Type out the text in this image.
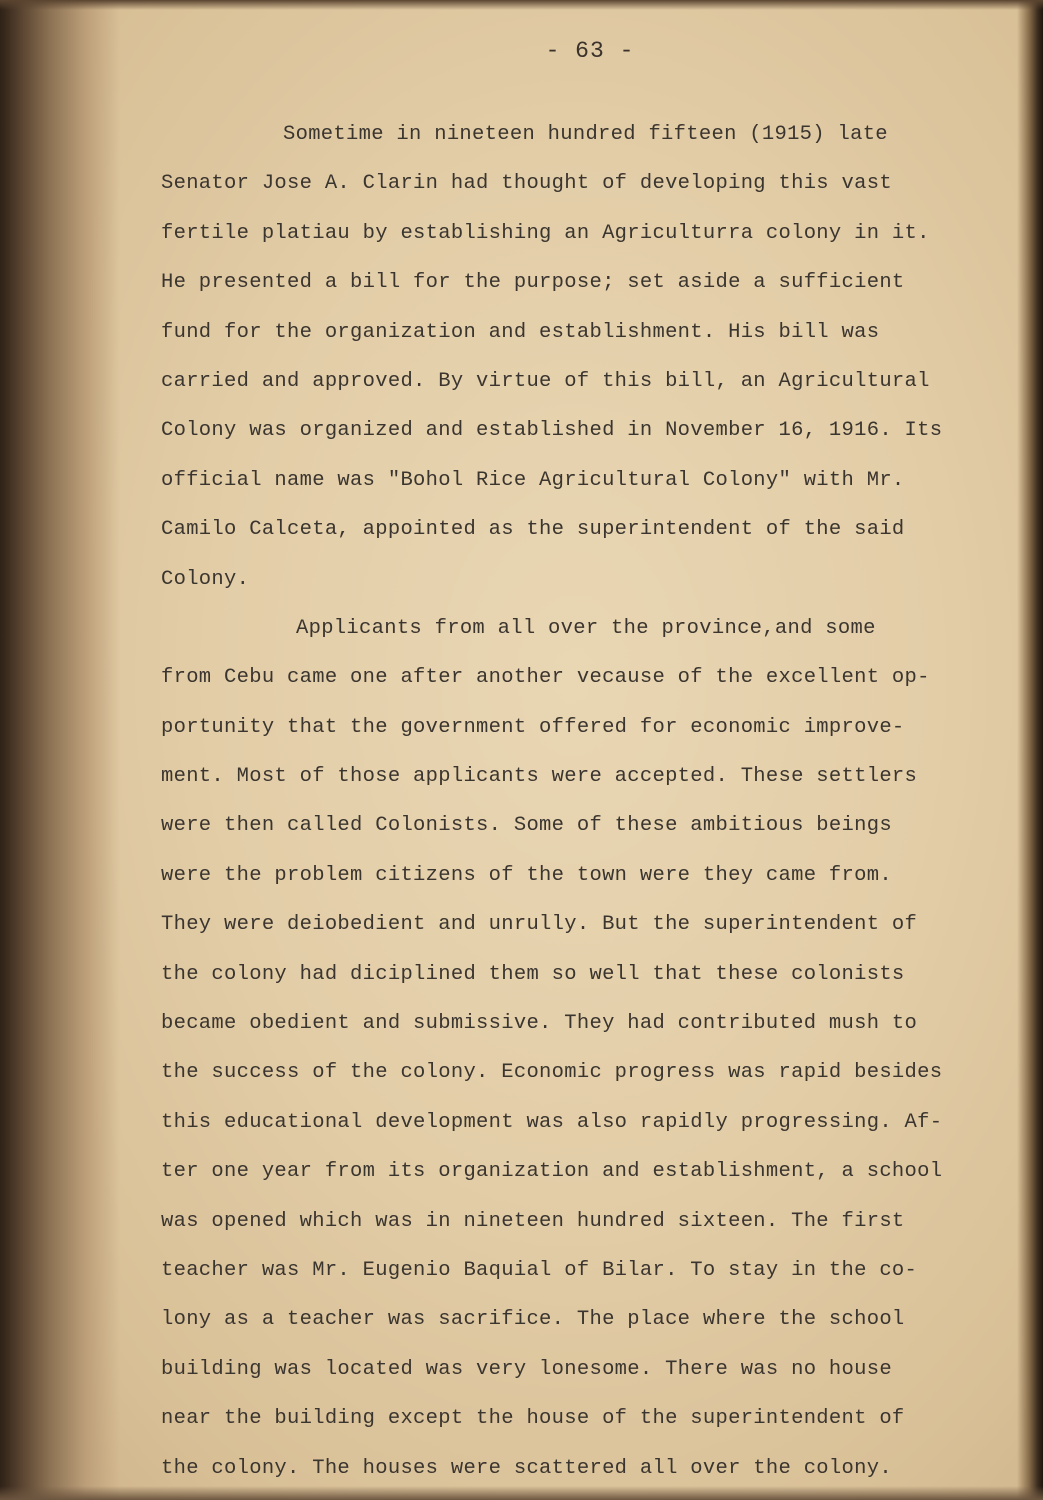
- 63 -
Sometime in nineteen hundred fifteen (1915) late
Senator Jose A. Clarin had thought of developing this vast
fertile platiau by establishing an Agriculturra colony in it.
He presented a bill for the purpose; set aside a sufficient
fund for the organization and establishment. His bill was
carried and approved. By virtue of this bill, an Agricultural
Colony was organized and established in November 16, 1916. Its
official name was "Bohol Rice Agricultural Colony" with Mr.
Camilo Calceta, appointed as the superintendent of the said
Colony.
Applicants from all over the province,and some
from Cebu came one after another vecause of the excellent op-
portunity that the government offered for economic improve-
ment. Most of those applicants were accepted. These settlers
were then called Colonists. Some of these ambitious beings
were the problem citizens of the town were they came from.
They were deiobedient and unrully. But the superintendent of
the colony had diciplined them so well that these colonists
became obedient and submissive. They had contributed mush to
the success of the colony. Economic progress was rapid besides
this educational development was also rapidly progressing. Af-
ter one year from its organization and establishment, a school
was opened which was in nineteen hundred sixteen. The first
teacher was Mr. Eugenio Baquial of Bilar. To stay in the co-
lony as a teacher was sacrifice. The place where the school
building was located was very lonesome. There was no house
near the building except the house of the superintendent of
the colony. The houses were scattered all over the colony.
